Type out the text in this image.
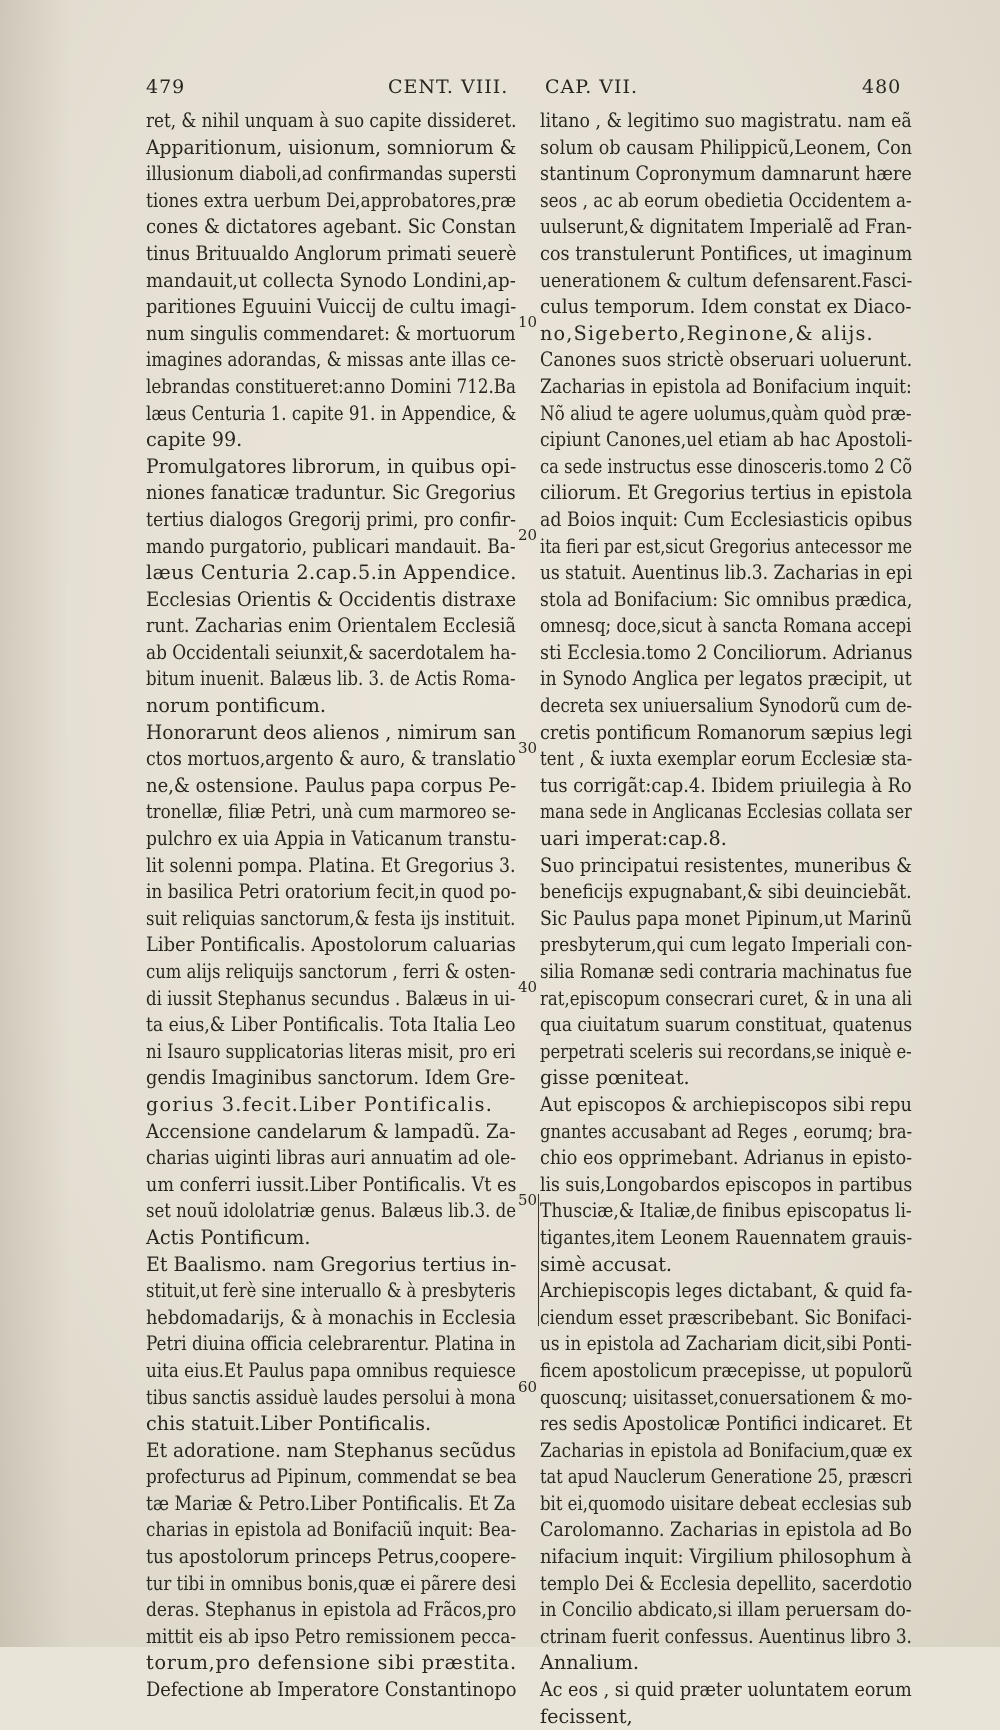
479	CENT. VIII. CAP. VII.	480
10
20
30
40
50
60
ret, & nihil unquam à suo capite dissideret.
Apparitionum, uisionum, somniorum &
illusionum diaboli,ad confirmandas supersti
tiones extra uerbum Dei,approbatores,præ
cones & dictatores agebant. Sic Constan
tinus Brituualdo Anglorum primati seuerè
mandauit,ut collecta Synodo Londini,ap-
paritiones Eguuini Vuiccij de cultu imagi-
num singulis commendaret: & mortuorum
imagines adorandas, & missas ante illas ce-
lebrandas constitueret:anno Domini 712.Ba
læus Centuria 1. capite 91. in Appendice, &
capite 99.
Promulgatores librorum, in quibus opi-
niones fanaticæ traduntur. Sic Gregorius
tertius dialogos Gregorij primi, pro confir-
mando purgatorio, publicari mandauit. Ba-
læus Centuria 2.cap.5.in Appendice.
Ecclesias Orientis & Occidentis distraxe
runt. Zacharias enim Orientalem Ecclesiã
ab Occidentali seiunxit,& sacerdotalem ha-
bitum inuenit. Balæus lib. 3. de Actis Roma-
norum pontificum.
Honorarunt deos alienos , nimirum san
ctos mortuos,argento & auro, & translatio
ne,& ostensione. Paulus papa corpus Pe-
tronellæ, filiæ Petri, unà cum marmoreo se-
pulchro ex uia Appia in Vaticanum transtu-
lit solenni pompa. Platina. Et Gregorius 3.
in basilica Petri oratorium fecit,in quod po-
suit reliquias sanctorum,& festa ijs instituit.
Liber Pontificalis. Apostolorum caluarias
cum alijs reliquijs sanctorum , ferri & osten-
di iussit Stephanus secundus . Balæus in ui-
ta eius,& Liber Pontificalis. Tota Italia Leo
ni Isauro supplicatorias literas misit, pro eri
gendis Imaginibus sanctorum. Idem Gre-
gorius 3.fecit.Liber Pontificalis.
Accensione candelarum & lampadũ. Za-
charias uiginti libras auri annuatim ad ole-
um conferri iussit.Liber Pontificalis. Vt es
set nouũ idololatriæ genus. Balæus lib.3. de
Actis Pontificum.
Et Baalismo. nam Gregorius tertius in-
stituit,ut ferè sine interuallo & à presbyteris
hebdomadarijs, & à monachis in Ecclesia
Petri diuina officia celebrarentur. Platina in
uita eius.Et Paulus papa omnibus requiesce
tibus sanctis assiduè laudes persolui à mona
chis statuit.Liber Pontificalis.
Et adoratione. nam Stephanus secũdus
profecturus ad Pipinum, commendat se bea
tæ Mariæ & Petro.Liber Pontificalis. Et Za
charias in epistola ad Bonifaciũ inquit: Bea-
tus apostolorum princeps Petrus,coopere-
tur tibi in omnibus bonis,quæ ei pãrere desi
deras. Stephanus in epistola ad Frãcos,pro
mittit eis ab ipso Petro remissionem pecca-
torum,pro defensione sibi præstita.
Defectione ab Imperatore Constantinopo
litano , & legitimo suo magistratu. nam eã
solum ob causam Philippicũ,Leonem, Con
stantinum Copronymum damnarunt hære
seos , ac ab eorum obedietia Occidentem a-
uulserunt,& dignitatem Imperialẽ ad Fran-
cos transtulerunt Pontifices, ut imaginum
uenerationem & cultum defensarent.Fasci-
culus temporum. Idem constat ex Diaco-
no,Sigeberto,Reginone,& alijs.
Canones suos strictè obseruari uoluerunt.
Zacharias in epistola ad Bonifacium inquit:
Nõ aliud te agere uolumus,quàm quòd præ-
cipiunt Canones,uel etiam ab hac Apostoli-
ca sede instructus esse dinosceris.tomo 2 Cõ
ciliorum. Et Gregorius tertius in epistola
ad Boios inquit: Cum Ecclesiasticis opibus
ita fieri par est,sicut Gregorius antecessor me
us statuit. Auentinus lib.3. Zacharias in epi
stola ad Bonifacium: Sic omnibus prædica,
omnesq; doce,sicut à sancta Romana accepi
sti Ecclesia.tomo 2 Conciliorum. Adrianus
in Synodo Anglica per legatos præcipit, ut
decreta sex uniuersalium Synodorũ cum de-
cretis pontificum Romanorum sæpius legi
tent , & iuxta exemplar eorum Ecclesiæ sta-
tus corrigãt:cap.4. Ibidem priuilegia à Ro
mana sede in Anglicanas Ecclesias collata ser
uari imperat:cap.8.
Suo principatui resistentes, muneribus &
beneficijs expugnabant,& sibi deuinciebãt.
Sic Paulus papa monet Pipinum,ut Marinũ
presbyterum,qui cum legato Imperiali con-
silia Romanæ sedi contraria machinatus fue
rat,episcopum consecrari curet, & in una ali
qua ciuitatum suarum constituat, quatenus
perpetrati sceleris sui recordans,se iniquè e-
gisse pœniteat.
Aut episcopos & archiepiscopos sibi repu
gnantes accusabant ad Reges , eorumq; bra-
chio eos opprimebant. Adrianus in episto-
lis suis,Longobardos episcopos in partibus
Thusciæ,& Italiæ,de finibus episcopatus li-
tigantes,item Leonem Rauennatem grauis-
simè accusat.
Archiepiscopis leges dictabant, & quid fa-
ciendum esset præscribebant. Sic Bonifaci-
us in epistola ad Zachariam dicit,sibi Ponti-
ficem apostolicum præcepisse, ut populorũ
quoscunq; uisitasset,conuersationem & mo-
res sedis Apostolicæ Pontifici indicaret. Et
Zacharias in epistola ad Bonifacium,quæ ex
tat apud Nauclerum Generatione 25, præscri
bit ei,quomodo uisitare debeat ecclesias sub
Carolomanno. Zacharias in epistola ad Bo
nifacium inquit: Virgilium philosophum à
templo Dei & Ecclesia depellito, sacerdotio
in Concilio abdicato,si illam peruersam do-
ctrinam fuerit confessus. Auentinus libro 3.
Annalium.
Ac eos , si quid præter uoluntatem eorum
fecissent,
